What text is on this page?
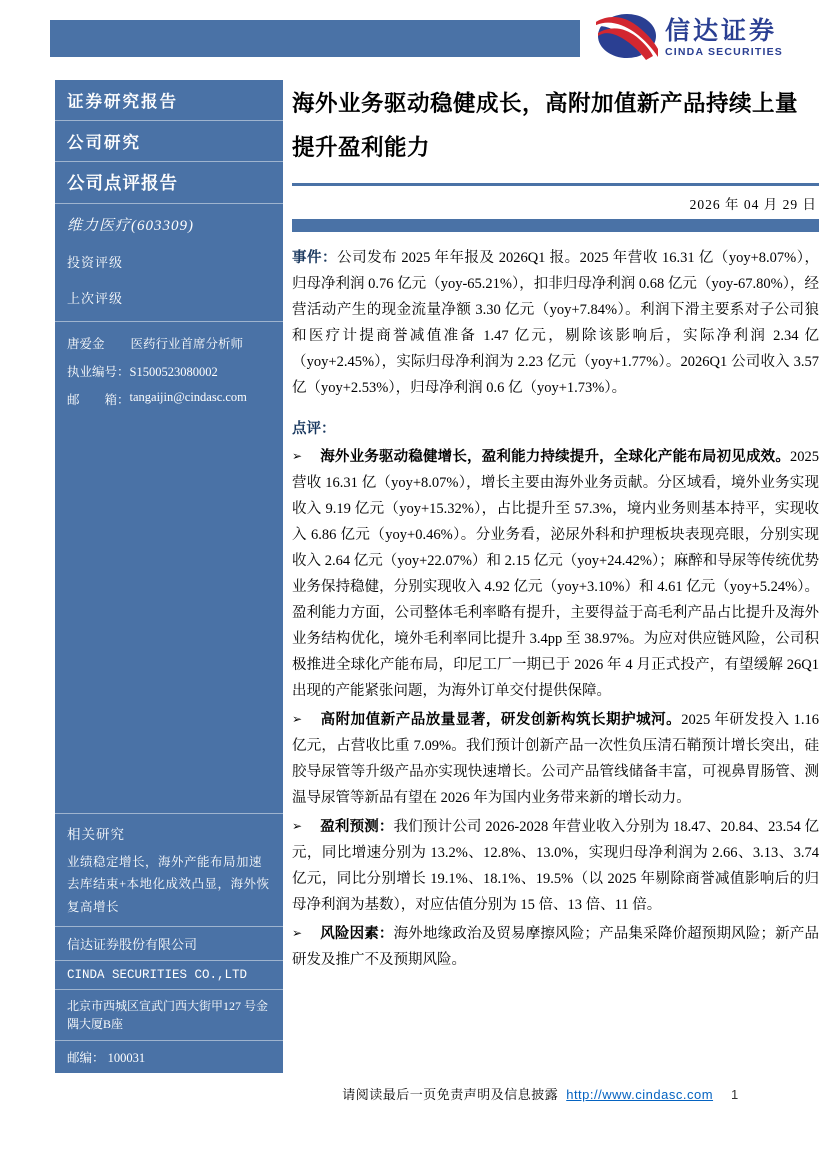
信达证券
CINDA SECURITIES
证券研究报告
公司研究
公司点评报告
维力医疗(603309)
投资评级
上次评级
唐爱金 医药行业首席分析师
执业编号：S1500523080002
邮　　箱： tangaijin@cindasc.com
相关研究
业绩稳定增长，海外产能布局加速
去库结束+本地化成效凸显，海外恢复高增长
信达证券股份有限公司
CINDA SECURITIES CO.,LTD
北京市西城区宣武门西大街甲127 号金隅大厦B座
邮编： 100031
海外业务驱动稳健成长，高附加值新产品持续上量提升盈利能力
2026 年 04 月 29 日

事件：公司发布 2025 年年报及 2026Q1 报。2025 年营收 16.31 亿（yoy+8.07%），归母净利润 0.76 亿元（yoy-65.21%），扣非归母净利润 0.68 亿元（yoy-67.80%），经营活动产生的现金流量净额 3.30 亿元（yoy+7.84%）。利润下滑主要系对子公司狼和医疗计提商誉减值准备 1.47 亿元，剔除该影响后，实际净利润 2.34 亿（yoy+2.45%），实际归母净利润为 2.23 亿元（yoy+1.77%）。2026Q1 公司收入 3.57 亿（yoy+2.53%），归母净利润 0.6 亿（yoy+1.73%）。

点评：

➢ 海外业务驱动稳健增长，盈利能力持续提升，全球化产能布局初见成效。2025 营收 16.31 亿（yoy+8.07%），增长主要由海外业务贡献。分区域看，境外业务实现收入 9.19 亿元（yoy+15.32%），占比提升至 57.3%，境内业务则基本持平，实现收入 6.86 亿元（yoy+0.46%）。分业务看，泌尿外科和护理板块表现亮眼，分别实现收入 2.64 亿元（yoy+22.07%）和 2.15 亿元（yoy+24.42%）；麻醉和导尿等传统优势业务保持稳健，分别实现收入 4.92 亿元（yoy+3.10%）和 4.61 亿元（yoy+5.24%）。盈利能力方面，公司整体毛利率略有提升，主要得益于高毛利产品占比提升及海外业务结构优化，境外毛利率同比提升 3.4pp 至 38.97%。为应对供应链风险，公司积极推进全球化产能布局，印尼工厂一期已于 2026 年 4 月正式投产，有望缓解 26Q1 出现的产能紧张问题，为海外订单交付提供保障。

➢ 高附加值新产品放量显著，研发创新构筑长期护城河。2025 年研发投入 1.16 亿元，占营收比重 7.09%。我们预计创新产品一次性负压清石鞘预计增长突出，硅胶导尿管等升级产品亦实现快速增长。公司产品管线储备丰富，可视鼻胃肠管、测温导尿管等新品有望在 2026 年为国内业务带来新的增长动力。

➢ 盈利预测：我们预计公司 2026-2028 年营业收入分别为 18.47、20.84、23.54 亿元，同比增速分别为 13.2%、12.8%、13.0%，实现归母净利润为 2.66、3.13、3.74 亿元，同比分别增长 19.1%、18.1%、19.5%（以 2025 年剔除商誉减值影响后的归母净利润为基数），对应估值分别为 15 倍、13 倍、11 倍。

➢ 风险因素：海外地缘政治及贸易摩擦风险；产品集采降价超预期风险；新产品研发及推广不及预期风险。

请阅读最后一页免责声明及信息披露 http://www.cindasc.com 1
